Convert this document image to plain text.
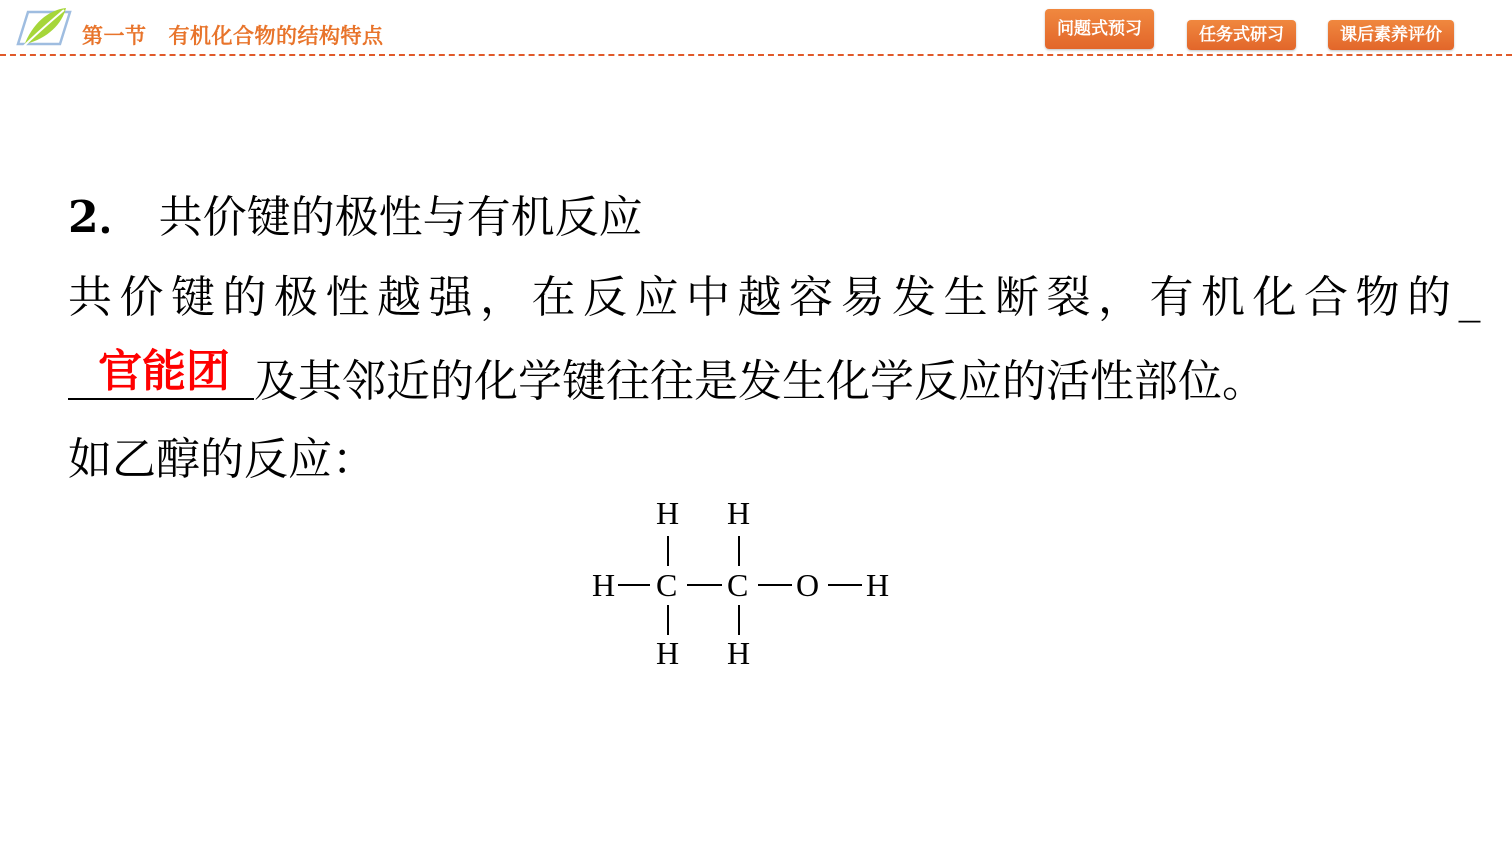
第一节 有机化合物的结构特点	问题式预习	任务式研习	课后素养评价
2． 共价键的极性与有机反应
共价键的极性越强，在反应中越容易发生断裂，有机化合物的_
官能团 及其邻近的化学键往往是发生化学反应的活性部位。
如乙醇的反应：
H H
H C C O H
H H
